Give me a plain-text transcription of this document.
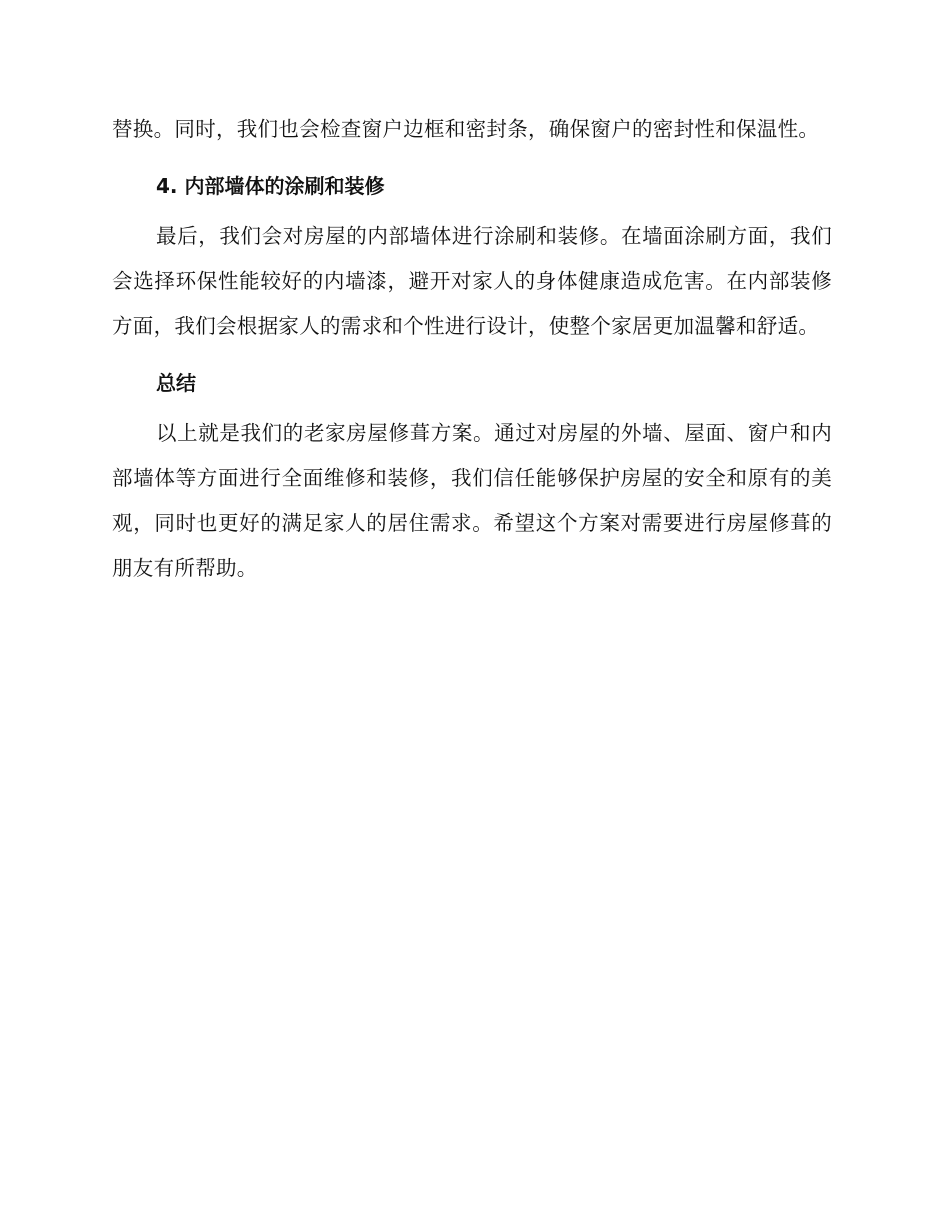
替换。同时，我们也会检查窗户边框和密封条，确保窗户的密封性和保温性。

4. 内部墙体的涂刷和装修

最后，我们会对房屋的内部墙体进行涂刷和装修。在墙面涂刷方面，我们会选择环保性能较好的内墙漆，避开对家人的身体健康造成危害。在内部装修方面，我们会根据家人的需求和个性进行设计，使整个家居更加温馨和舒适。

总结

以上就是我们的老家房屋修葺方案。通过对房屋的外墙、屋面、窗户和内部墙体等方面进行全面维修和装修，我们信任能够保护房屋的安全和原有的美观，同时也更好的满足家人的居住需求。希望这个方案对需要进行房屋修葺的朋友有所帮助。
